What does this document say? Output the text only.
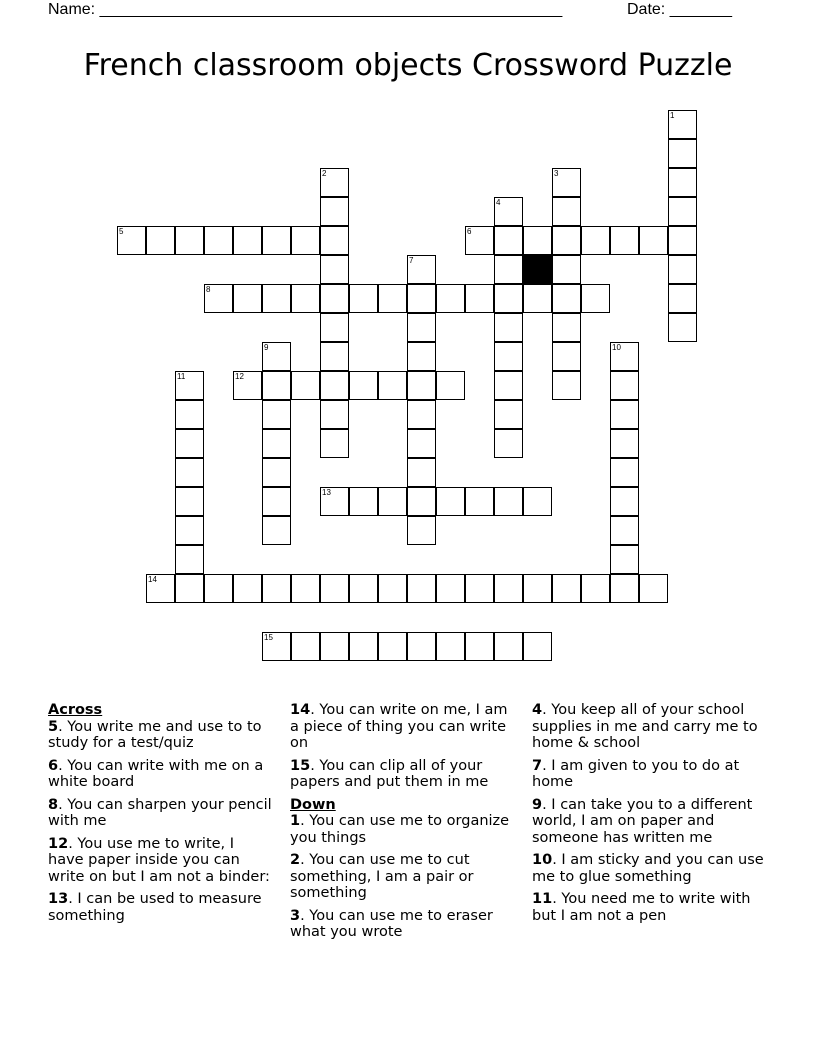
Name: ____________________________________________________	Date: _______
French classroom objects Crossword Puzzle
1
2	3
4
5	6
7
8
9	10
11	12
13
14
15
Across
5. You write me and use to to study for a test/quiz
6. You can write with me on a white board
8. You can sharpen your pencil with me
12. You use me to write, I have paper inside you can write on but I am not a binder:
13. I can be used to measure something
14. You can write on me, I am a piece of thing you can write on
15. You can clip all of your papers and put them in me
Down
1. You can use me to organize you things
2. You can use me to cut something, I am a pair or something
3. You can use me to eraser what you wrote
4. You keep all of your school supplies in me and carry me to home & school
7. I am given to you to do at home
9. I can take you to a different world, I am on paper and someone has written me
10. I am sticky and you can use me to glue something
11. You need me to write with but I am not a pen
